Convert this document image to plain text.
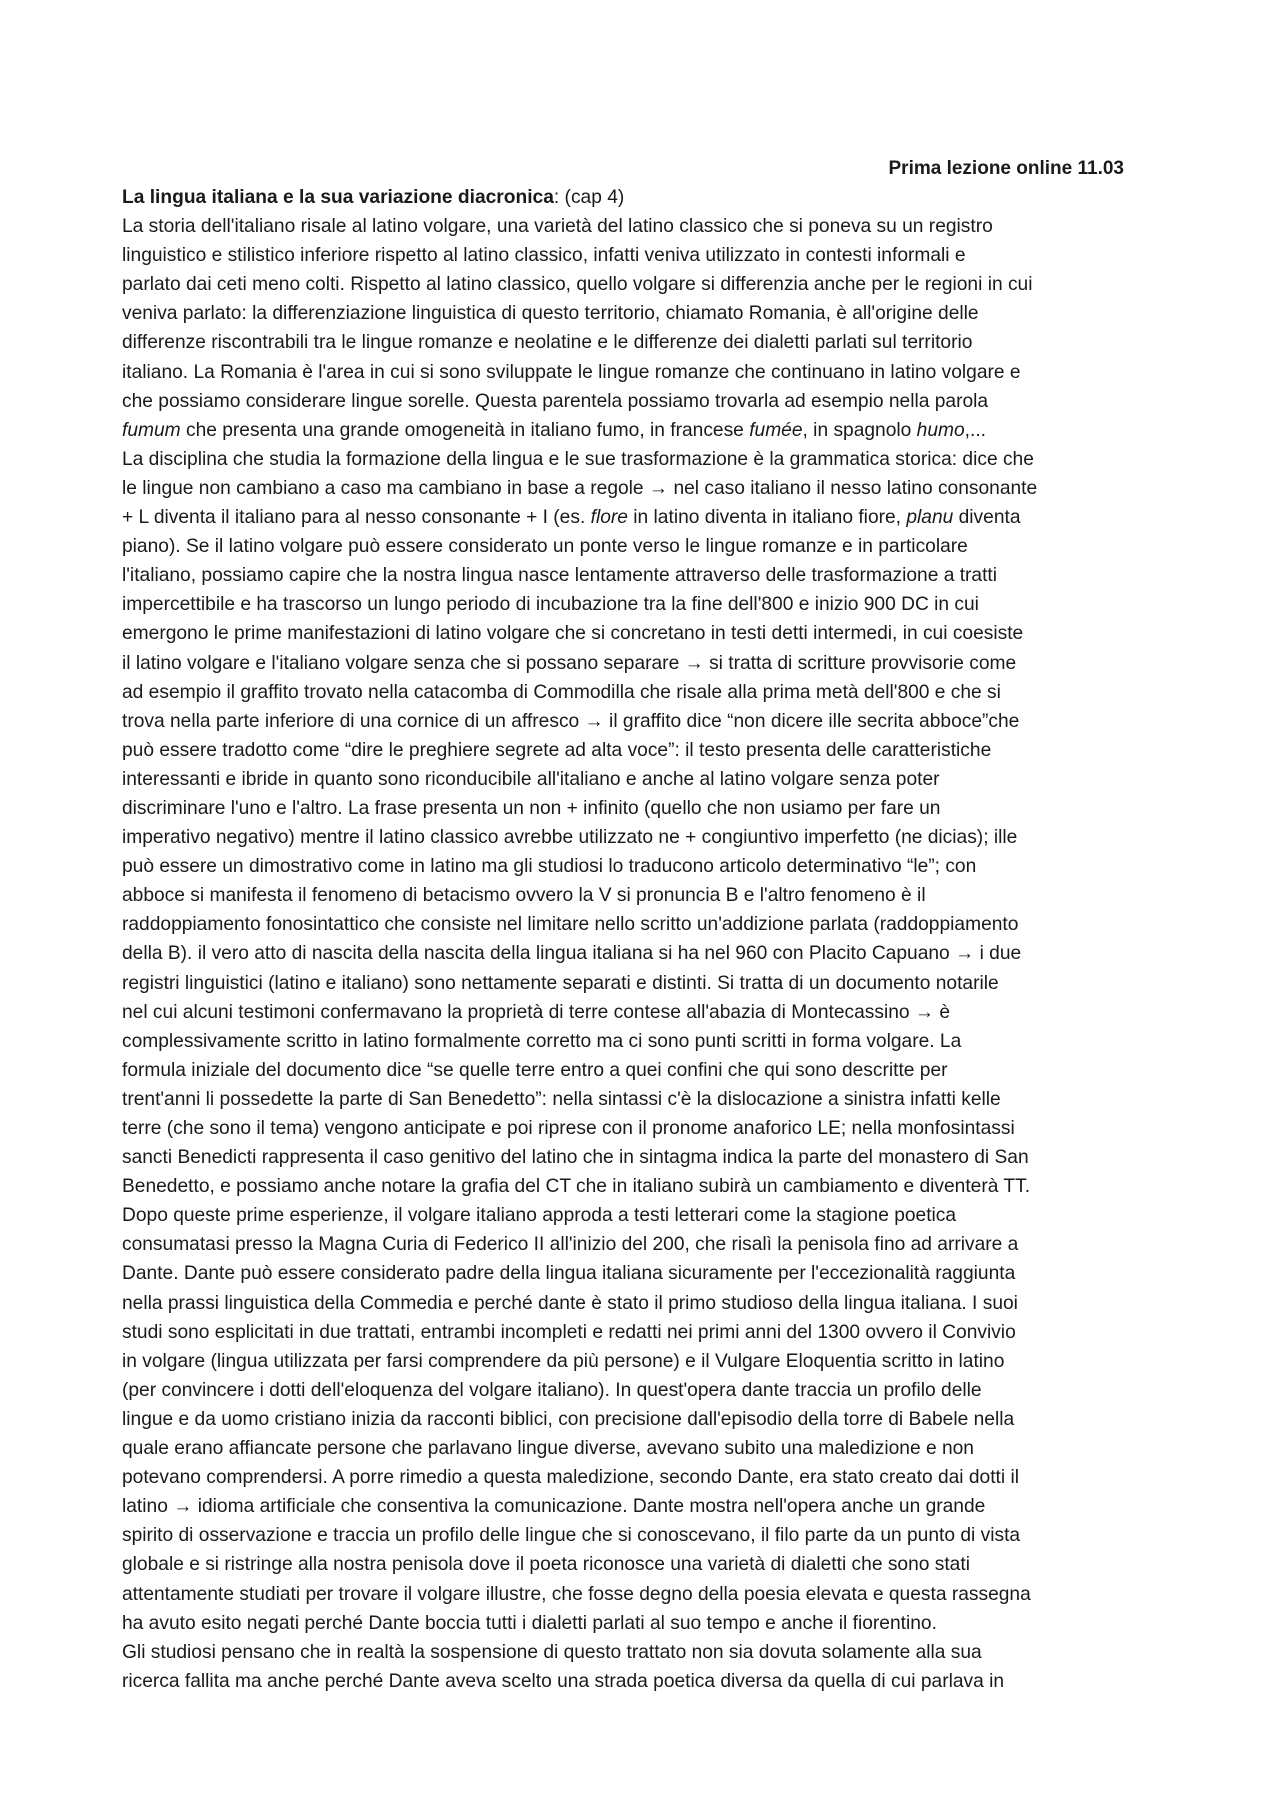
Prima lezione online 11.03
La lingua italiana e la sua variazione diacronica: (cap 4)
La storia dell'italiano risale al latino volgare, una varietà del latino classico che si poneva su un registro
linguistico e stilistico inferiore rispetto al latino classico, infatti veniva utilizzato in contesti informali e
parlato dai ceti meno colti. Rispetto al latino classico, quello volgare si differenzia anche per le regioni in cui
veniva parlato: la differenziazione linguistica di questo territorio, chiamato Romania, è all'origine delle
differenze riscontrabili tra le lingue romanze e neolatine e le differenze dei dialetti parlati sul territorio
italiano. La Romania è l'area in cui si sono sviluppate le lingue romanze che continuano in latino volgare e
che possiamo considerare lingue sorelle. Questa parentela possiamo trovarla ad esempio nella parola
fumum che presenta una grande omogeneità in italiano fumo, in francese fumée, in spagnolo humo,...
La disciplina che studia la formazione della lingua e le sue trasformazione è la grammatica storica: dice che
le lingue non cambiano a caso ma cambiano in base a regole → nel caso italiano il nesso latino consonante
+ L diventa il italiano para al nesso consonante + I (es. flore in latino diventa in italiano fiore, planu diventa
piano). Se il latino volgare può essere considerato un ponte verso le lingue romanze e in particolare
l'italiano, possiamo capire che la nostra lingua nasce lentamente attraverso delle trasformazione a tratti
impercettibile e ha trascorso un lungo periodo di incubazione tra la fine dell'800 e inizio 900 DC in cui
emergono le prime manifestazioni di latino volgare che si concretano in testi detti intermedi, in cui coesiste
il latino volgare e l'italiano volgare senza che si possano separare → si tratta di scritture provvisorie come
ad esempio il graffito trovato nella catacomba di Commodilla che risale alla prima metà dell'800 e che si
trova nella parte inferiore di una cornice di un affresco → il graffito dice “non dicere ille secrita abboce”che
può essere tradotto come “dire le preghiere segrete ad alta voce”: il testo presenta delle caratteristiche
interessanti e ibride in quanto sono riconducibile all'italiano e anche al latino volgare senza poter
discriminare l'uno e l'altro. La frase presenta un non + infinito (quello che non usiamo per fare un
imperativo negativo) mentre il latino classico avrebbe utilizzato ne + congiuntivo imperfetto (ne dicias); ille
può essere un dimostrativo come in latino ma gli studiosi lo traducono articolo determinativo “le”; con
abboce si manifesta il fenomeno di betacismo ovvero la V si pronuncia B e l'altro fenomeno è il
raddoppiamento fonosintattico che consiste nel limitare nello scritto un'addizione parlata (raddoppiamento
della B). il vero atto di nascita della nascita della lingua italiana si ha nel 960 con Placito Capuano → i due
registri linguistici (latino e italiano) sono nettamente separati e distinti. Si tratta di un documento notarile
nel cui alcuni testimoni confermavano la proprietà di terre contese all'abazia di Montecassino → è
complessivamente scritto in latino formalmente corretto ma ci sono punti scritti in forma volgare. La
formula iniziale del documento dice “se quelle terre entro a quei confini che qui sono descritte per
trent'anni li possedette la parte di San Benedetto”: nella sintassi c'è la dislocazione a sinistra infatti kelle
terre (che sono il tema) vengono anticipate e poi riprese con il pronome anaforico LE; nella monfosintassi
sancti Benedicti rappresenta il caso genitivo del latino che in sintagma indica la parte del monastero di San
Benedetto, e possiamo anche notare la grafia del CT che in italiano subirà un cambiamento e diventerà TT.
Dopo queste prime esperienze, il volgare italiano approda a testi letterari come la stagione poetica
consumatasi presso la Magna Curia di Federico II all'inizio del 200, che risalì la penisola fino ad arrivare a
Dante. Dante può essere considerato padre della lingua italiana sicuramente per l'eccezionalità raggiunta
nella prassi linguistica della Commedia e perché dante è stato il primo studioso della lingua italiana. I suoi
studi sono esplicitati in due trattati, entrambi incompleti e redatti nei primi anni del 1300 ovvero il Convivio
in volgare (lingua utilizzata per farsi comprendere da più persone) e il Vulgare Eloquentia scritto in latino
(per convincere i dotti dell'eloquenza del volgare italiano). In quest'opera dante traccia un profilo delle
lingue e da uomo cristiano inizia da racconti biblici, con precisione dall'episodio della torre di Babele nella
quale erano affiancate persone che parlavano lingue diverse, avevano subito una maledizione e non
potevano comprendersi. A porre rimedio a questa maledizione, secondo Dante, era stato creato dai dotti il
latino → idioma artificiale che consentiva la comunicazione. Dante mostra nell'opera anche un grande
spirito di osservazione e traccia un profilo delle lingue che si conoscevano, il filo parte da un punto di vista
globale e si ristringe alla nostra penisola dove il poeta riconosce una varietà di dialetti che sono stati
attentamente studiati per trovare il volgare illustre, che fosse degno della poesia elevata e questa rassegna
ha avuto esito negati perché Dante boccia tutti i dialetti parlati al suo tempo e anche il fiorentino.
Gli studiosi pensano che in realtà la sospensione di questo trattato non sia dovuta solamente alla sua
ricerca fallita ma anche perché Dante aveva scelto una strada poetica diversa da quella di cui parlava in
